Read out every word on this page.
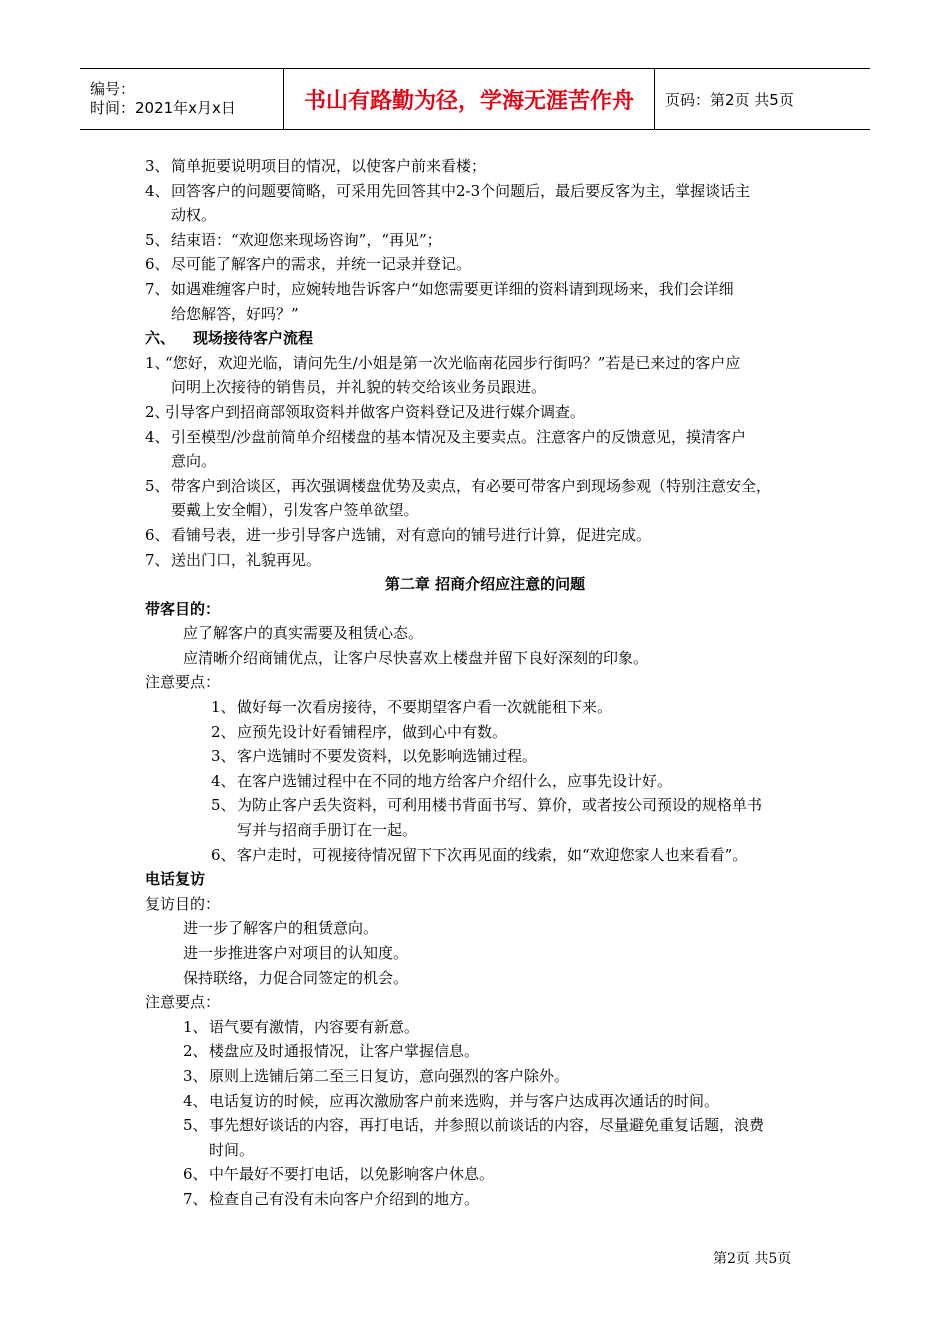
编号：
时间：2021年x月x日	书山有路勤为径，学海无涯苦作舟 页码：第2页 共5页
3、 简单扼要说明项目的情况，以使客户前来看楼；
4、 回答客户的问题要简略，可采用先回答其中2-3个问题后，最后要反客为主，掌握谈话主
动权。
5、 结束语：“欢迎您来现场咨询”，“再见”；
6、 尽可能了解客户的需求，并统一记录并登记。
7、 如遇难缠客户时，应婉转地告诉客户“如您需要更详细的资料请到现场来，我们会详细
给您解答，好吗？”
六、	现场接待客户流程
1、
“您好，欢迎光临，请问先生/小姐是第一次光临南花园步行街吗？”若是已来过的客户应
问明上次接待的销售员，并礼貌的转交给该业务员跟进。
2、
引导客户到招商部领取资料并做客户资料登记及进行媒介调查。
4、 引至模型/沙盘前简单介绍楼盘的基本情况及主要卖点。注意客户的反馈意见，摸清客户
意向。
5、 带客户到洽谈区，再次强调楼盘优势及卖点，有必要可带客户到现场参观（特别注意安全，
要戴上安全帽），引发客户签单欲望。
6、 看铺号表，进一步引导客户选铺，对有意向的铺号进行计算，促进完成。
7、 送出门口，礼貌再见。
第二章 招商介绍应注意的问题
带客目的：
应了解客户的真实需要及租赁心态。
应清晰介绍商铺优点，让客户尽快喜欢上楼盘并留下良好深刻的印象。
注意要点：
1、 做好每一次看房接待，不要期望客户看一次就能租下来。
2、 应预先设计好看铺程序，做到心中有数。
3、 客户选铺时不要发资料，以免影响选铺过程。
4、 在客户选铺过程中在不同的地方给客户介绍什么，应事先设计好。
5、 为防止客户丢失资料，可利用楼书背面书写、算价，或者按公司预设的规格单书
写并与招商手册订在一起。
6、 客户走时，可视接待情况留下下次再见面的线索，如“欢迎您家人也来看看”。
电话复访
复访目的：
进一步了解客户的租赁意向。
进一步推进客户对项目的认知度。
保持联络，力促合同签定的机会。
注意要点：
1、 语气要有激情，内容要有新意。
2、 楼盘应及时通报情况，让客户掌握信息。
3、 原则上选铺后第二至三日复访，意向强烈的客户除外。
4、 电话复访的时候，应再次激励客户前来选购，并与客户达成再次通话的时间。
5、 事先想好谈话的内容，再打电话，并参照以前谈话的内容，尽量避免重复话题，浪费
时间。
6、 中午最好不要打电话，以免影响客户休息。
7、 检查自己有没有未向客户介绍到的地方。
第2页 共5页
